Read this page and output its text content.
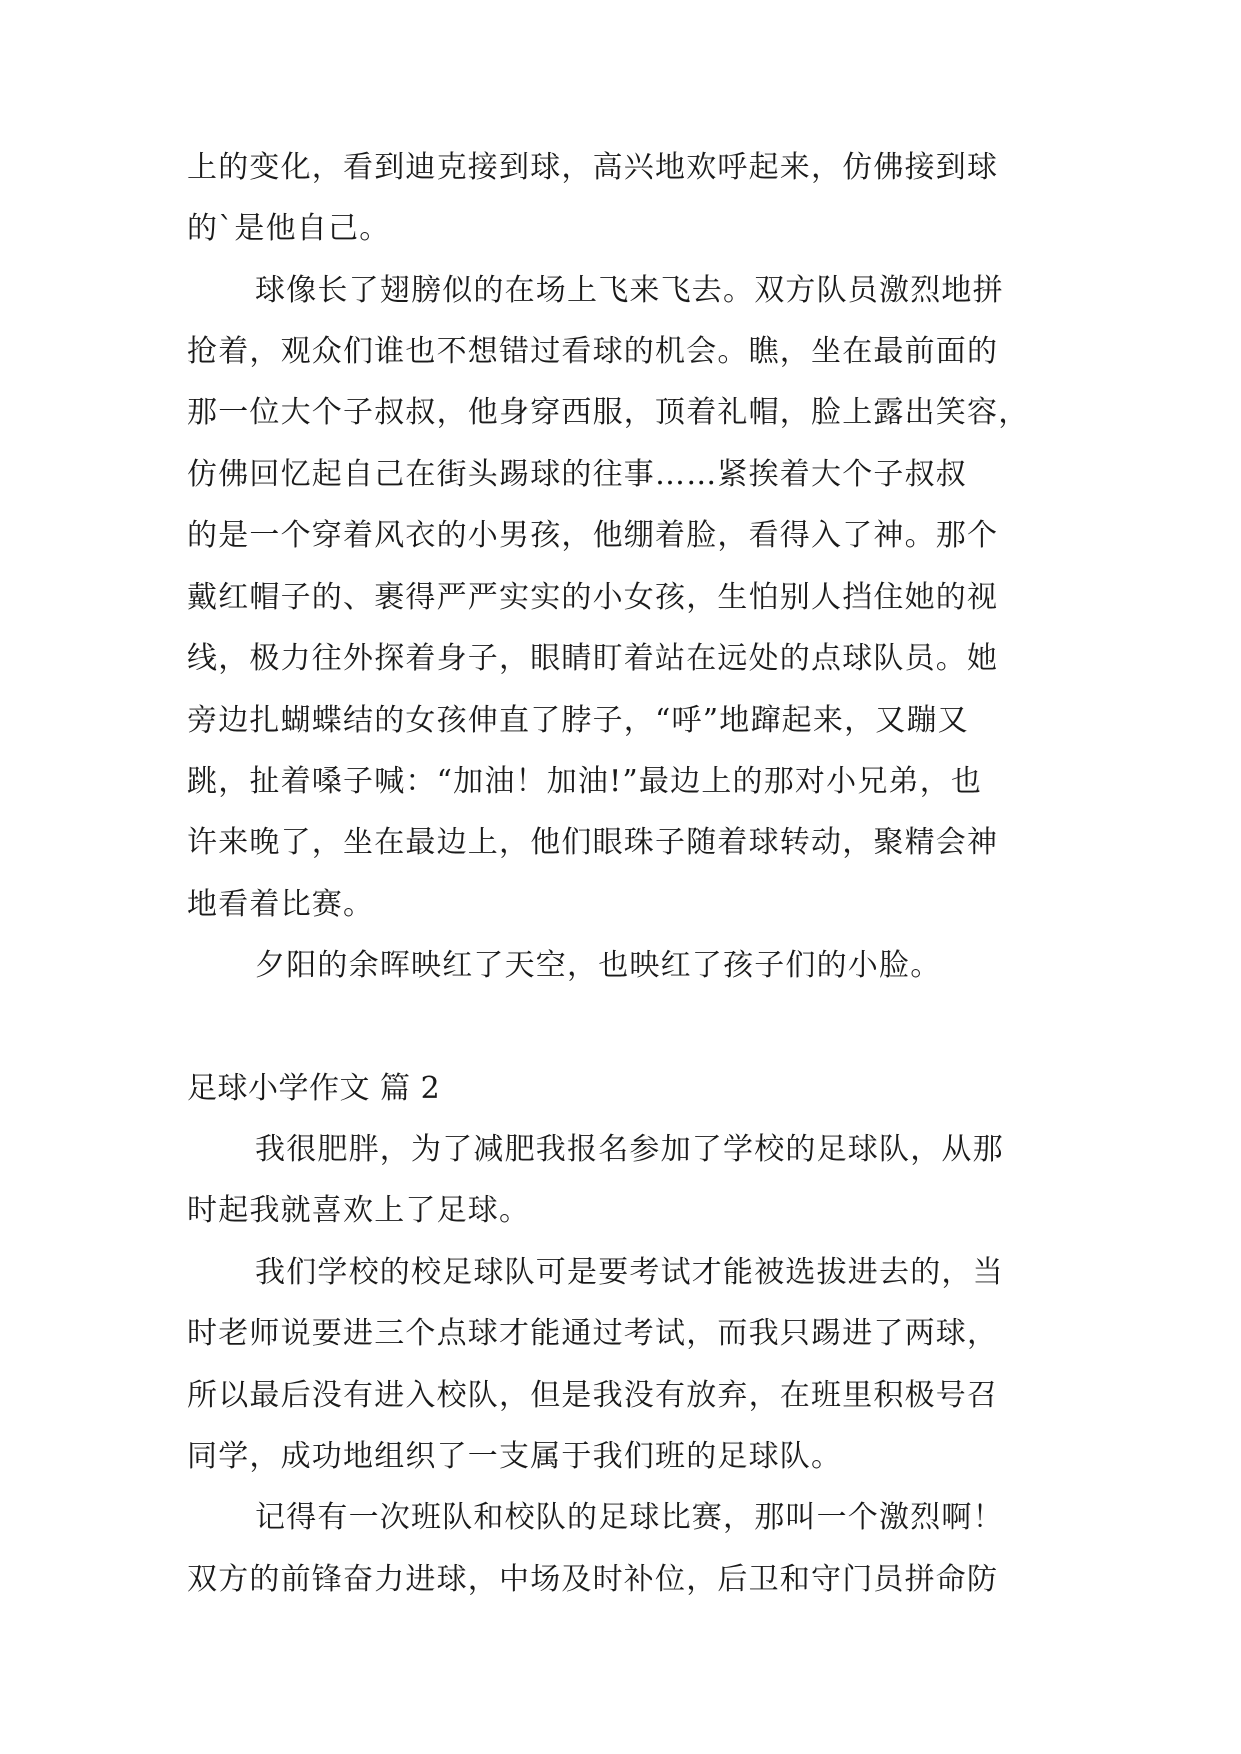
上的变化，看到迪克接到球，高兴地欢呼起来，仿佛接到球
的`是他自己。
球像长了翅膀似的在场上飞来飞去。双方队员激烈地拼
抢着，观众们谁也不想错过看球的机会。瞧，坐在最前面的
那一位大个子叔叔，他身穿西服，顶着礼帽，脸上露出笑容，
仿佛回忆起自己在街头踢球的往事……紧挨着大个子叔叔
的是一个穿着风衣的小男孩，他绷着脸，看得入了神。那个
戴红帽子的、裹得严严实实的小女孩，生怕别人挡住她的视
线，极力往外探着身子，眼睛盯着站在远处的点球队员。她
旁边扎蝴蝶结的女孩伸直了脖子，“呼”地蹿起来，又蹦又
跳，扯着嗓子喊：“加油！加油!”最边上的那对小兄弟，也
许来晚了，坐在最边上，他们眼珠子随着球转动，聚精会神
地看着比赛。
夕阳的余晖映红了天空，也映红了孩子们的小脸。
足球小学作文 篇 2
我很肥胖，为了减肥我报名参加了学校的足球队，从那
时起我就喜欢上了足球。
我们学校的校足球队可是要考试才能被选拔进去的，当
时老师说要进三个点球才能通过考试，而我只踢进了两球，
所以最后没有进入校队，但是我没有放弃，在班里积极号召
同学，成功地组织了一支属于我们班的足球队。
记得有一次班队和校队的足球比赛，那叫一个激烈啊！
双方的前锋奋力进球，中场及时补位，后卫和守门员拼命防
